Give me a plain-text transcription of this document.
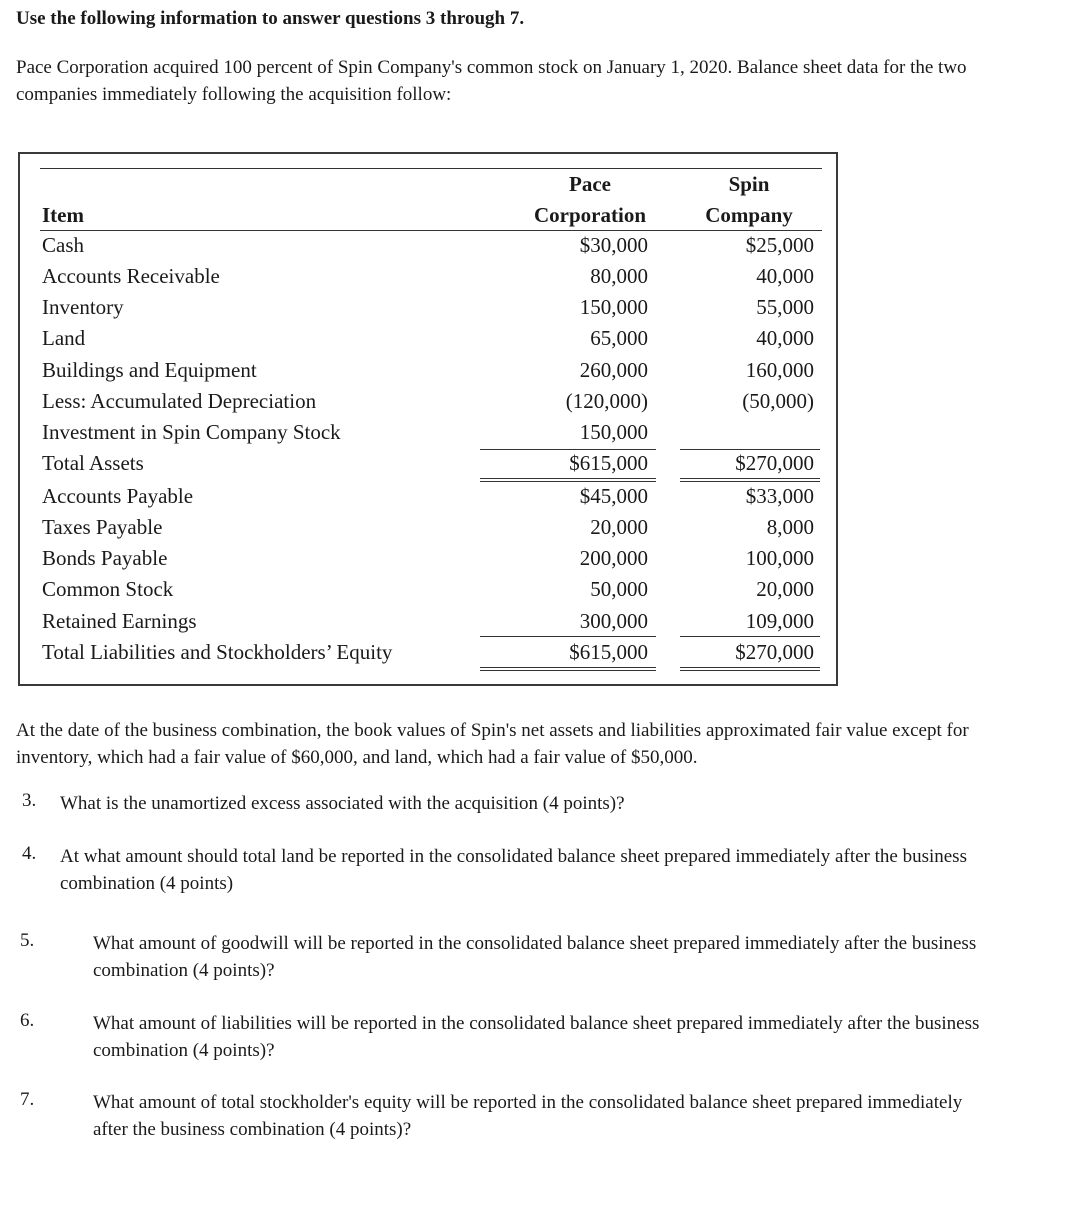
Use the following information to answer questions 3 through 7.
Pace Corporation acquired 100 percent of Spin Company's common stock on January 1, 2020. Balance sheet data for the two companies immediately following the acquisition follow:
Pace	Spin
Item	Corporation	Company
Cash	$30,000	$25,000
Accounts Receivable	80,000	40,000
Inventory	150,000	55,000
Land	65,000	40,000
Buildings and Equipment	260,000	160,000
Less: Accumulated Depreciation	(120,000)	(50,000)
Investment in Spin Company Stock	150,000
Total Assets	$615,000	$270,000
Accounts Payable	$45,000	$33,000
Taxes Payable	20,000	8,000
Bonds Payable	200,000	100,000
Common Stock	50,000	20,000
Retained Earnings	300,000	109,000
Total Liabilities and Stockholders’ Equity	$615,000	$270,000
At the date of the business combination, the book values of Spin's net assets and liabilities approximated fair value except for inventory, which had a fair value of $60,000, and land, which had a fair value of $50,000.
3. What is the unamortized excess associated with the acquisition (4 points)?
4. At what amount should total land be reported in the consolidated balance sheet prepared immediately after the business combination (4 points)
5.	What amount of goodwill will be reported in the consolidated balance sheet prepared immediately after the business combination (4 points)?
6.	What amount of liabilities will be reported in the consolidated balance sheet prepared immediately after the business combination (4 points)?
7.	What amount of total stockholder's equity will be reported in the consolidated balance sheet prepared immediately after the business combination (4 points)?
